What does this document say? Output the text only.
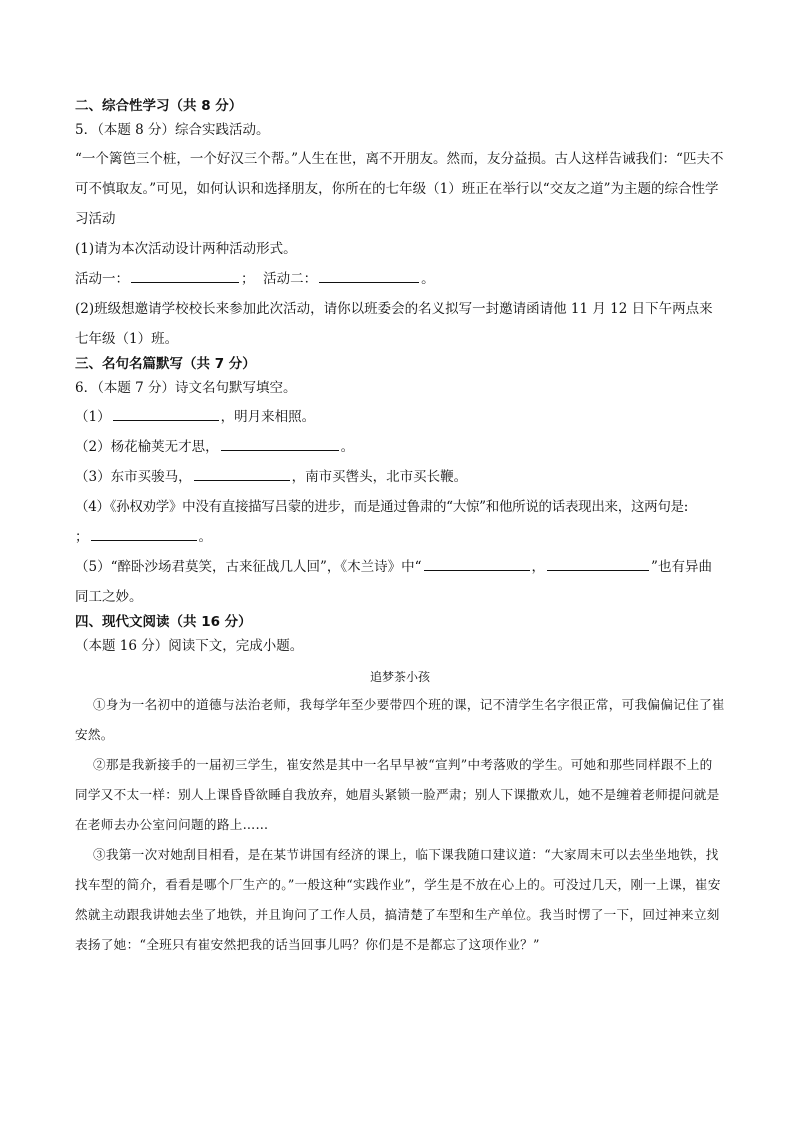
二、综合性学习（共 8 分）

5．（本题 8 分）综合实践活动。

“一个篱笆三个桩，一个好汉三个帮。”人生在世，离不开朋友。然而，友分益损。古人这样告诫我们：“匹夫不可不慎取友。”可见，如何认识和选择朋友，你所在的七年级（1）班正在举行以“交友之道”为主题的综合性学习活动

(1)请为本次活动设计两种活动形式。

活动一：	； 活动二：	。

(2)班级想邀请学校校长来参加此次活动，请你以班委会的名义拟写一封邀请函请他 11 月 12 日下午两点来七年级（1）班。

三、名句名篇默写（共 7 分）

6．（本题 7 分）诗文名句默写填空。

（1）	，明月来相照。

（2）杨花榆荚无才思，	。

（3）东市买骏马，	，南市买辔头，北市买长鞭。

（4）《孙权劝学》中没有直接描写吕蒙的进步，而是通过鲁肃的“大惊”和他所说的话表现出来，这两句是:

；	。

（5）“醉卧沙场君莫笑，古来征战几人回”，《木兰诗》中“	，	”也有异曲

同工之妙。

四、现代文阅读（共 16 分）

（本题 16 分）阅读下文，完成小题。

追梦茶小孩

①身为一名初中的道德与法治老师，我每学年至少要带四个班的课，记不清学生名字很正常，可我偏偏记住了崔安然。

②那是我新接手的一届初三学生，崔安然是其中一名早早被“宣判”中考落败的学生。可她和那些同样跟不上的同学又不太一样：别人上课昏昏欲睡自我放弃，她眉头紧锁一脸严肃；别人下课撒欢儿，她不是缠着老师提问就是在老师去办公室问问题的路上……

③我第一次对她刮目相看，是在某节讲国有经济的课上，临下课我随口建议道：“大家周末可以去坐坐地铁，找找车型的简介，看看是哪个厂生产的。”一般这种“实践作业”，学生是不放在心上的。可没过几天，刚一上课，崔安然就主动跟我讲她去坐了地铁，并且询问了工作人员，搞清楚了车型和生产单位。我当时愣了一下，回过神来立刻表扬了她：“全班只有崔安然把我的话当回事儿吗？你们是不是都忘了这项作业？”
